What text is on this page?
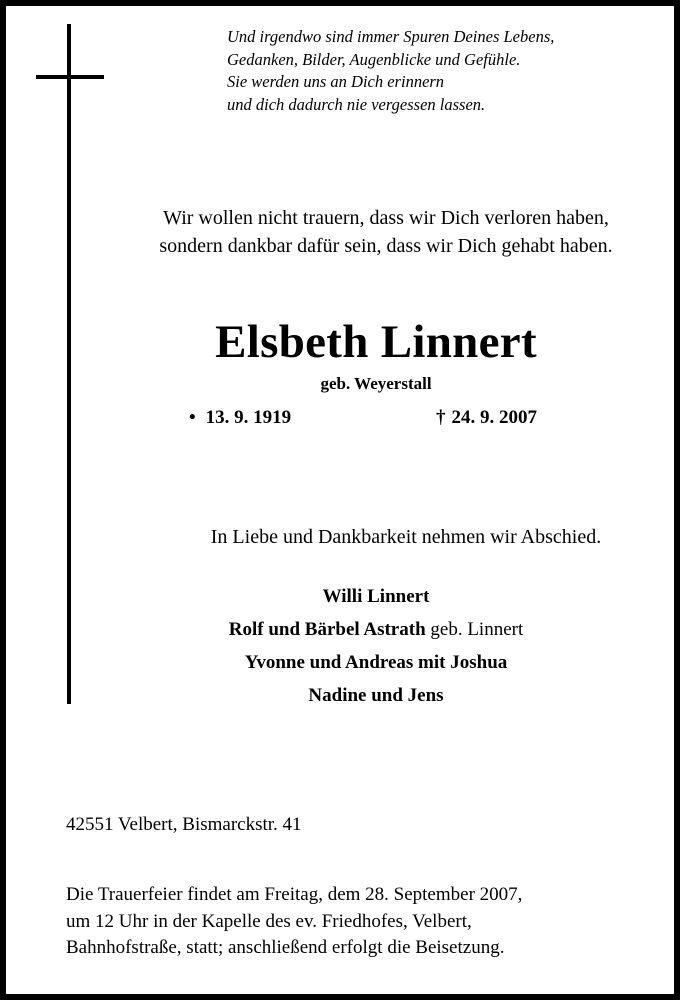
Und irgendwo sind immer Spuren Deines Lebens,
Gedanken, Bilder, Augenblicke und Gefühle.
Sie werden uns an Dich erinnern
und dich dadurch nie vergessen lassen.
Wir wollen nicht trauern, dass wir Dich verloren haben,
sondern dankbar dafür sein, dass wir Dich gehabt haben.
Elsbeth Linnert
geb. Weyerstall
• 13. 9. 1919	† 24. 9. 2007
In Liebe und Dankbarkeit nehmen wir Abschied.
Willi Linnert
Rolf und Bärbel Astrath geb. Linnert
Yvonne und Andreas mit Joshua
Nadine und Jens
42551 Velbert, Bismarckstr. 41
Die Trauerfeier findet am Freitag, dem 28. September 2007,
um 12 Uhr in der Kapelle des ev. Friedhofes, Velbert,
Bahnhofstraße, statt; anschließend erfolgt die Beisetzung.
